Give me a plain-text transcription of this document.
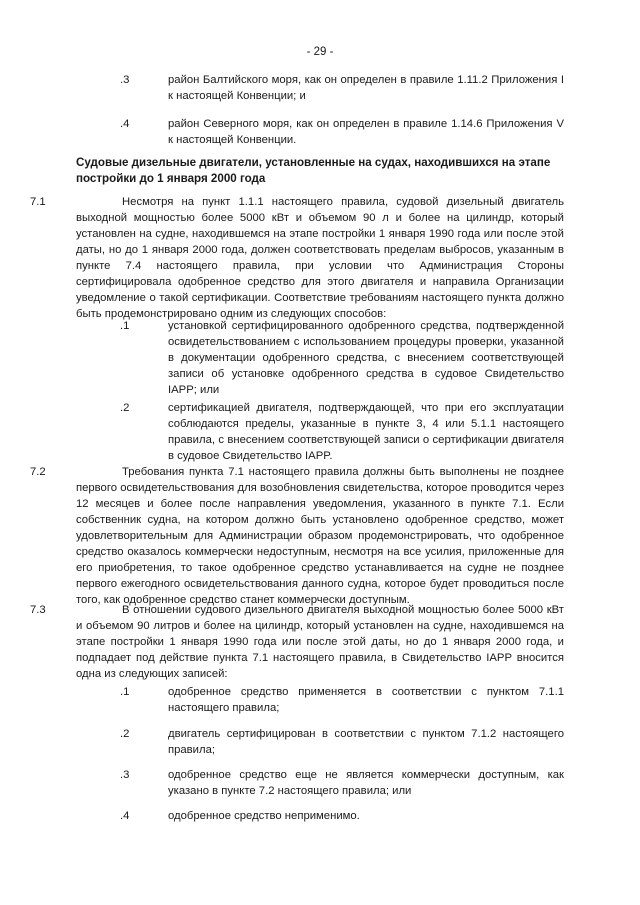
- 29 -

.3	район Балтийского моря, как он определен в правиле 1.11.2 Приложения I к настоящей Конвенции; и

.4	район Северного моря, как он определен в правиле 1.14.6 Приложения V к настоящей Конвенции.

Судовые дизельные двигатели, установленные на судах, находившихся на этапе постройки до 1 января 2000 года

7.1	Несмотря на пункт 1.1.1 настоящего правила, судовой дизельный двигатель выходной мощностью более 5000 кВт и объемом 90 л и более на цилиндр, который установлен на судне, находившемся на этапе постройки 1 января 1990 года или после этой даты, но до 1 января 2000 года, должен соответствовать пределам выбросов, указанным в пункте 7.4 настоящего правила, при условии что Администрация Стороны сертифицировала одобренное средство для этого двигателя и направила Организации уведомление о такой сертификации. Соответствие требованиям настоящего пункта должно быть продемонстрировано одним из следующих способов:

.1	установкой сертифицированного одобренного средства, подтвержденной освидетельствованием с использованием процедуры проверки, указанной в документации одобренного средства, с внесением соответствующей записи об установке одобренного средства в судовое Свидетельство IAPP; или

.2	сертификацией двигателя, подтверждающей, что при его эксплуатации соблюдаются пределы, указанные в пункте 3, 4 или 5.1.1 настоящего правила, с внесением соответствующей записи о сертификации двигателя в судовое Свидетельство IAPP.

7.2	Требования пункта 7.1 настоящего правила должны быть выполнены не позднее первого освидетельствования для возобновления свидетельства, которое проводится через 12 месяцев и более после направления уведомления, указанного в пункте 7.1. Если собственник судна, на котором должно быть установлено одобренное средство, может удовлетворительным для Администрации образом продемонстрировать, что одобренное средство оказалось коммерчески недоступным, несмотря на все усилия, приложенные для его приобретения, то такое одобренное средство устанавливается на судне не позднее первого ежегодного освидетельствования данного судна, которое будет проводиться после того, как одобренное средство станет коммерчески доступным.
7.3	В отношении судового дизельного двигателя выходной мощностью более 5000 кВт и объемом 90 литров и более на цилиндр, который установлен на судне, находившемся на этапе постройки 1 января 1990 года или после этой даты, но до 1 января 2000 года, и подпадает под действие пункта 7.1 настоящего правила, в Свидетельство IAPP вносится одна из следующих записей:

.1	одобренное средство применяется в соответствии с пунктом 7.1.1 настоящего правила;

.2	двигатель сертифицирован в соответствии с пунктом 7.1.2 настоящего правила;

.3	одобренное средство еще не является коммерчески доступным, как указано в пункте 7.2 настоящего правила; или

.4	одобренное средство неприменимо.
